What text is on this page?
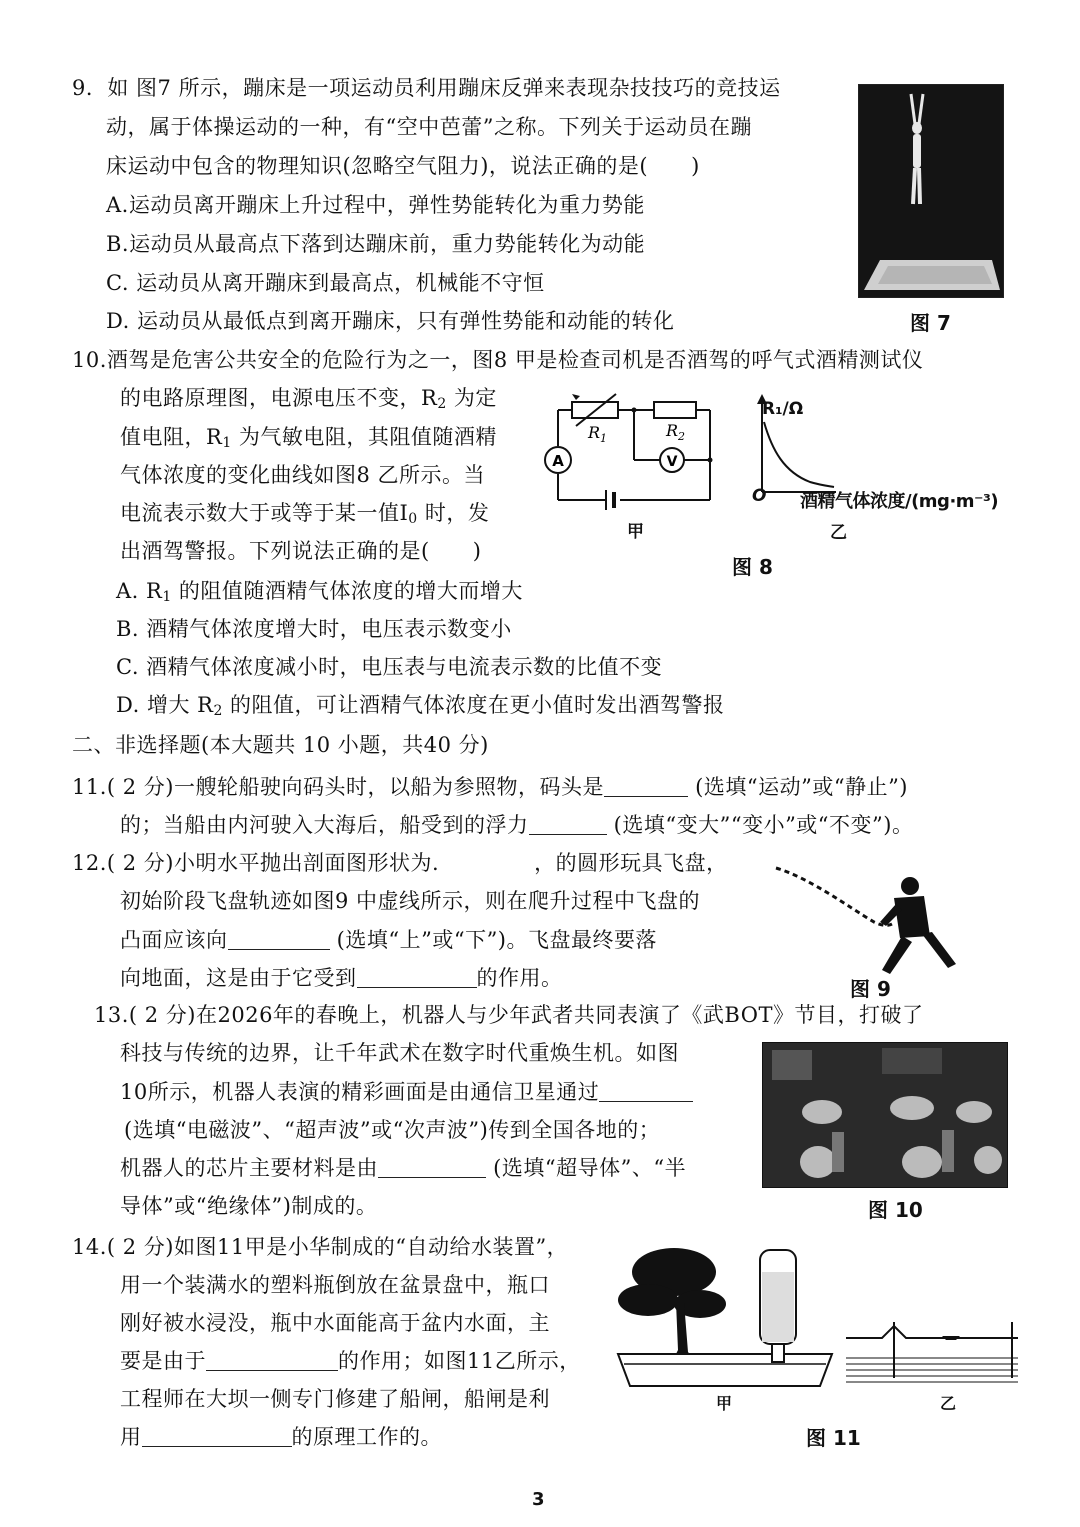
9．如 图7 所示，蹦床是一项运动员利用蹦床反弹来表现杂技技巧的竞技运
动，属于体操运动的一种，有“空中芭蕾”之称。下列关于运动员在蹦
床运动中包含的物理知识(忽略空气阻力)，说法正确的是(　　)
A.运动员离开蹦床上升过程中，弹性势能转化为重力势能
B.运动员从最高点下落到达蹦床前，重力势能转化为动能
C. 运动员从离开蹦床到最高点，机械能不守恒
D. 运动员从最低点到离开蹦床，只有弹性势能和动能的转化	图 7
10.酒驾是危害公共安全的危险行为之一，图8 甲是检查司机是否酒驾的呼气式酒精测试仪
的电路原理图，电源电压不变，$R_2$ 为定
值电阻，$R_1$ 为气敏电阻，其阻值随酒精
气体浓度的变化曲线如图8 乙所示。当
电流表示数大于或等于某一值$I_0$ 时，发
出酒驾警报。下列说法正确的是(　　)
A. $R_1$ 的阻值随酒精气体浓度的增大而增大
B. 酒精气体浓度增大时，电压表示数变小
C. 酒精气体浓度减小时，电压表与电流表示数的比值不变
D. 增大 $R_2$ 的阻值，可让酒精气体浓度在更小值时发出酒驾警报
A	V
$R_1$	$R_2$
甲
R₁/Ω
O 酒精气体浓度/(mg·m⁻³)
乙
图 8
二、非选择题(本大题共 10 小题，共40 分)
11.( 2 分)一艘轮船驶向码头时，以船为参照物，码头是	(选填“运动”或“静止”)
的；当船由内河驶入大海后，船受到的浮力	(选填“变大”“变小”或“不变”)。
12.( 2 分)小明水平抛出剖面图形状为.	，的圆形玩具飞盘，
初始阶段飞盘轨迹如图9 中虚线所示，则在爬升过程中飞盘的
凸面应该向	(选填“上”或“下”)。飞盘最终要落
向地面，这是由于它受到	的作用。	图 9
13.( 2 分)在2026年的春晚上，机器人与少年武者共同表演了《武BOT》节目，打破了
科技与传统的边界，让千年武术在数字时代重焕生机。如图
10所示，机器人表演的精彩画面是由通信卫星通过
(选填“电磁波”、“超声波”或“次声波”)传到全国各地的；
机器人的芯片主要材料是由	(选填“超导体”、“半
导体”或“绝缘体”)制成的。	图 10
14.( 2 分)如图11甲是小华制成的“自动给水装置”，
用一个装满水的塑料瓶倒放在盆景盘中，瓶口
刚好被水浸没，瓶中水面能高于盆内水面，主
要是由于	的作用；如图11乙所示，
工程师在大坝一侧专门修建了船闸，船闸是利
用	的原理工作的。
甲	乙
图 11
3
